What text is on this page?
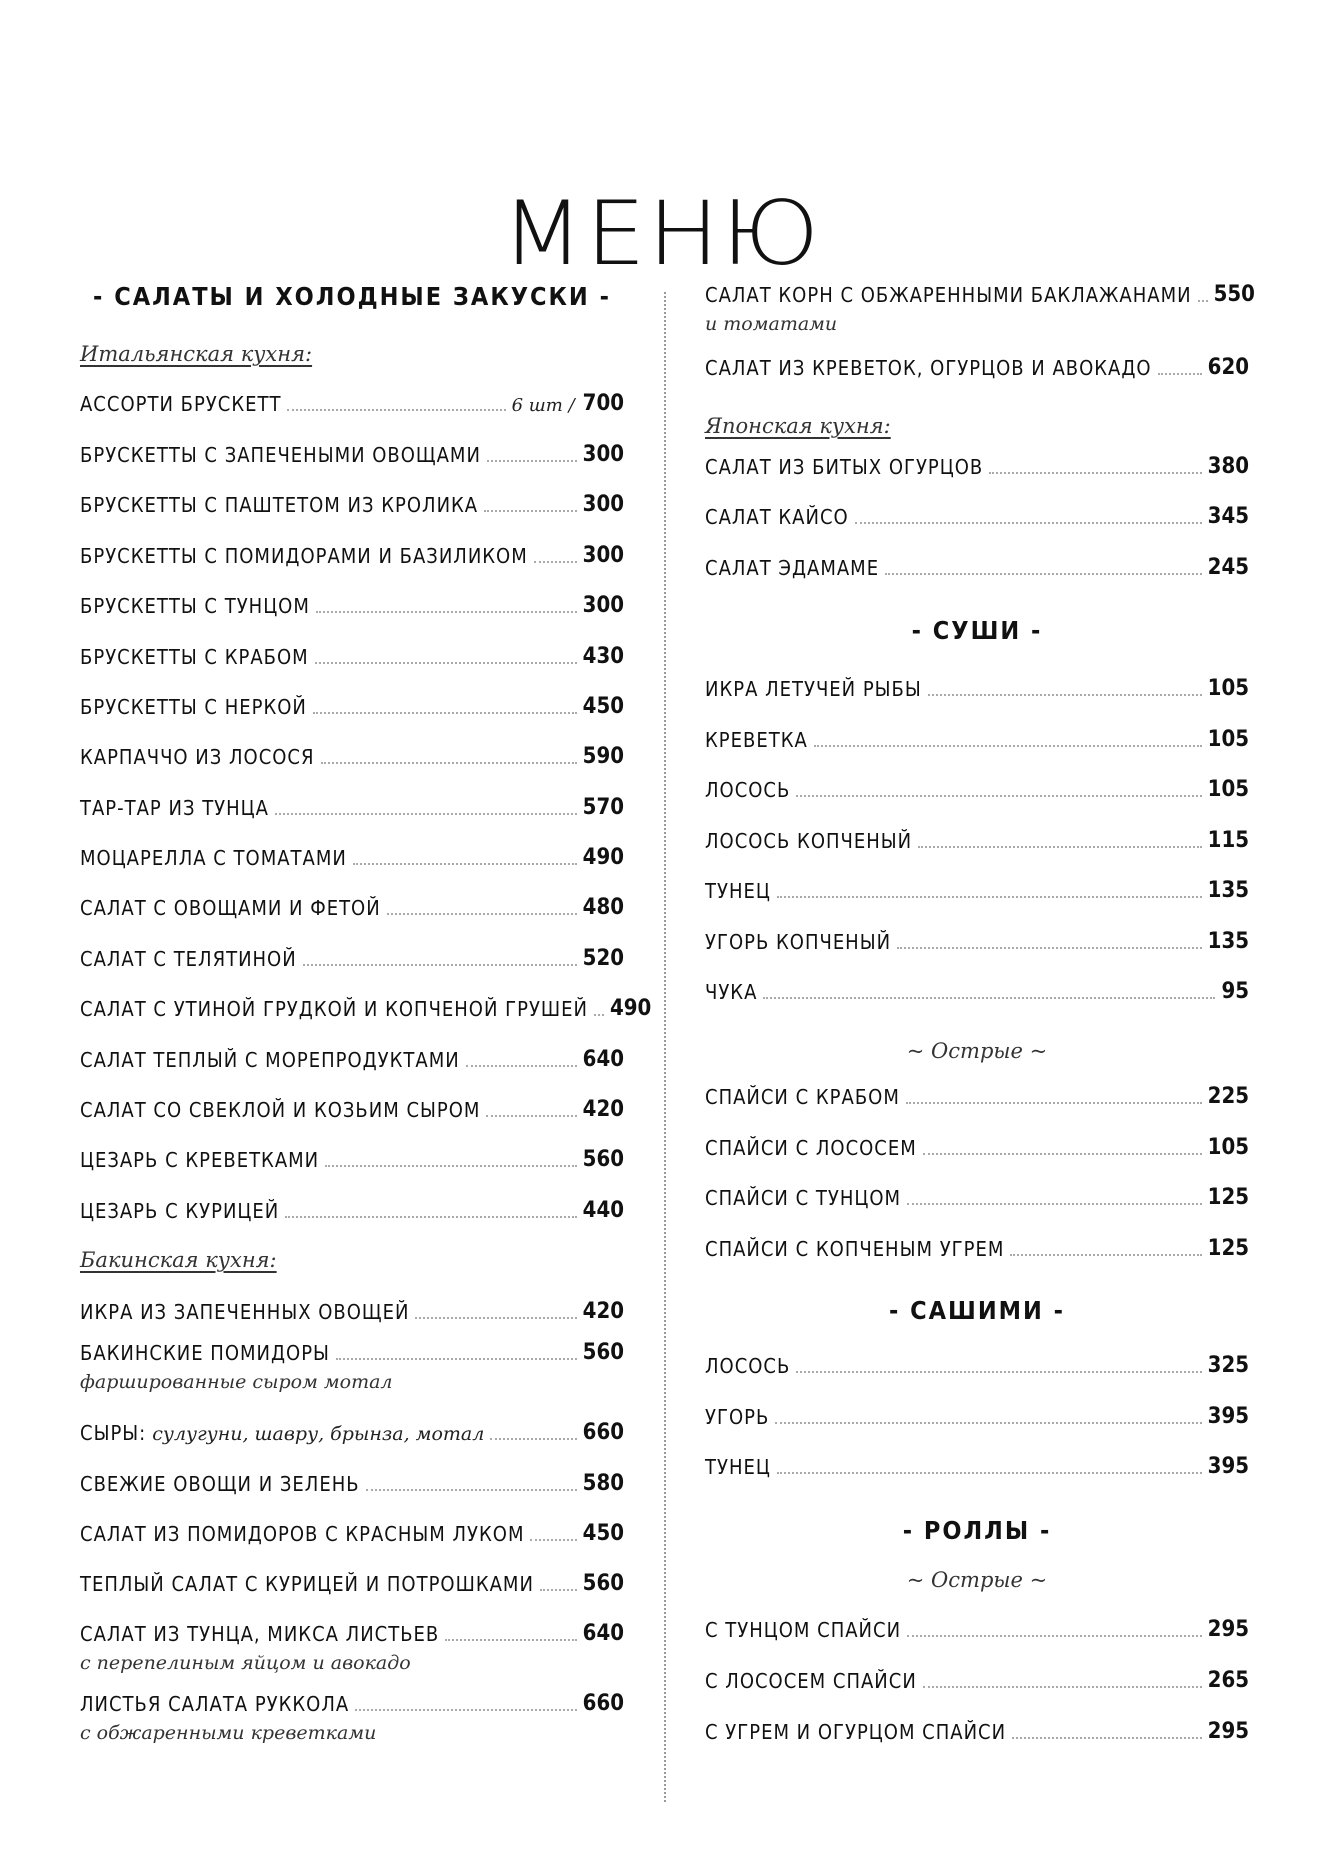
МЕНЮ
- САЛАТЫ И ХОЛОДНЫЕ ЗАКУСКИ -
Итальянская кухня:
АССОРТИ БРУСКЕТТ	6 шт / 700
БРУСКЕТТЫ С ЗАПЕЧЕНЫМИ ОВОЩАМИ	300
БРУСКЕТТЫ С ПАШТЕТОМ ИЗ КРОЛИКА	300
БРУСКЕТТЫ С ПОМИДОРАМИ И БАЗИЛИКОМ 300
БРУСКЕТТЫ С ТУНЦОМ	300
БРУСКЕТТЫ С КРАБОМ	430
БРУСКЕТТЫ С НЕРКОЙ	450
КАРПАЧЧО ИЗ ЛОСОСЯ	590
ТАР-ТАР ИЗ ТУНЦА	570
МОЦАРЕЛЛА С ТОМАТАМИ	490
САЛАТ С ОВОЩАМИ И ФЕТОЙ	480
САЛАТ С ТЕЛЯТИНОЙ	520
САЛАТ С УТИНОЙ ГРУДКОЙ И КОПЧЕНОЙ ГРУШЕЙ 490
САЛАТ ТЕПЛЫЙ С МОРЕПРОДУКТАМИ	640
САЛАТ СО СВЕКЛОЙ И КОЗЬИМ СЫРОМ	420
ЦЕЗАРЬ С КРЕВЕТКАМИ	560
ЦЕЗАРЬ С КУРИЦЕЙ	440
Бакинская кухня:
ИКРА ИЗ ЗАПЕЧЕННЫХ ОВОЩЕЙ	420
БАКИНСКИЕ ПОМИДОРЫ	560
фаршированные сыром мотал
СЫРЫ: сулугуни, шавру, брынза, мотал	660
СВЕЖИЕ ОВОЩИ И ЗЕЛЕНЬ	580
САЛАТ ИЗ ПОМИДОРОВ С КРАСНЫМ ЛУКОМ	450
ТЕПЛЫЙ САЛАТ С КУРИЦЕЙ И ПОТРОШКАМИ 560
САЛАТ ИЗ ТУНЦА, МИКСА ЛИСТЬЕВ	640
с перепелиным яйцом и авокадо
ЛИСТЬЯ САЛАТА РУККОЛА	660
с обжаренными креветками
САЛАТ КОРН С ОБЖАРЕННЫМИ БАКЛАЖАНАМИ 550
и томатами
САЛАТ ИЗ КРЕВЕТОК, ОГУРЦОВ И АВОКАДО	620
Японская кухня:
САЛАТ ИЗ БИТЫХ ОГУРЦОВ	380
САЛАТ КАЙСО	345
САЛАТ ЭДАМАМЕ	245
- СУШИ -
ИКРА ЛЕТУЧЕЙ РЫБЫ	105
КРЕВЕТКА	105
ЛОСОСЬ	105
ЛОСОСЬ КОПЧЕНЫЙ	115
ТУНЕЦ	135
УГОРЬ КОПЧЕНЫЙ	135
ЧУКА	95
~ Острые ~
СПАЙСИ С КРАБОМ	225
СПАЙСИ С ЛОСОСЕМ	105
СПАЙСИ С ТУНЦОМ	125
СПАЙСИ С КОПЧЕНЫМ УГРЕМ	125
- САШИМИ -
ЛОСОСЬ	325
УГОРЬ	395
ТУНЕЦ	395
- РОЛЛЫ -
~ Острые ~
С ТУНЦОМ СПАЙСИ	295
С ЛОСОСЕМ СПАЙСИ	265
С УГРЕМ И ОГУРЦОМ СПАЙСИ	295
